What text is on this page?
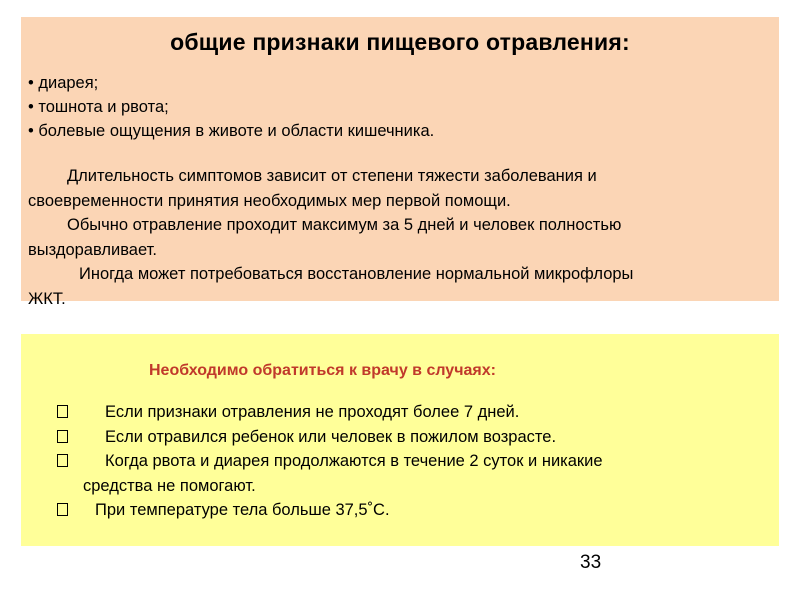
общие признаки пищевого отравления:
• диарея;
• тошнота и рвота;
• болевые ощущения в животе и области кишечника.
Длительность симптомов зависит от степени тяжести заболевания и
своевременности принятия необходимых мер первой помощи.
Обычно отравление проходит максимум за 5 дней и человек полностью
выздоравливает.
Иногда может потребоваться восстановление нормальной микрофлоры
ЖКТ.
Необходимо обратиться к врачу в случаях:
Если признаки отравления не проходят более 7 дней.
Если отравился ребенок или человек в пожилом возрасте.
Когда рвота и диарея продолжаются в течение 2 суток и никакие
средства не помогают.
При температуре тела больше 37,5˚С.
33
